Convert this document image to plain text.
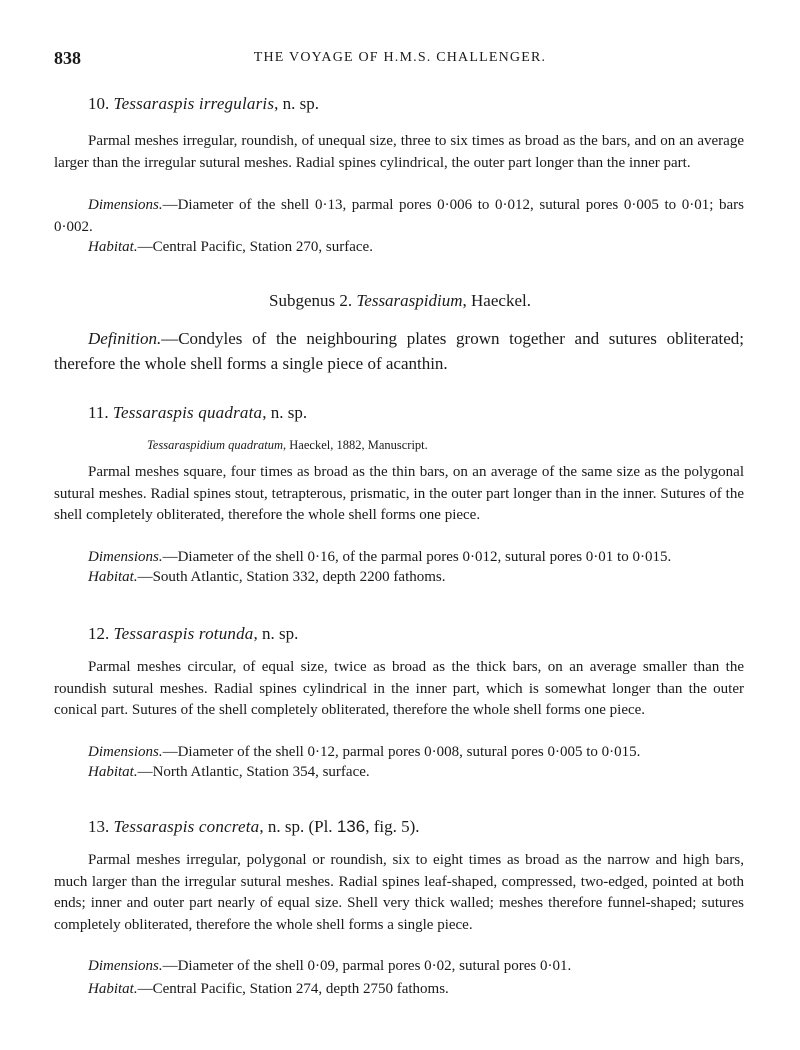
838	THE VOYAGE OF H.M.S. CHALLENGER.
10. Tessaraspis irregularis, n. sp.

Parmal meshes irregular, roundish, of unequal size, three to six times as broad as the bars, and on an average larger than the irregular sutural meshes. Radial spines cylindrical, the outer part longer than the inner part.

Dimensions.—Diameter of the shell 0·13, parmal pores 0·006 to 0·012, sutural pores 0·005 to 0·01; bars 0·002.

Habitat.—Central Pacific, Station 270, surface.
Subgenus 2. Tessaraspidium, Haeckel.

Definition.—Condyles of the neighbouring plates grown together and sutures obliterated; therefore the whole shell forms a single piece of acanthin.

11. Tessaraspis quadrata, n. sp.
Tessaraspidium quadratum, Haeckel, 1882, Manuscript.

Parmal meshes square, four times as broad as the thin bars, on an average of the same size as the polygonal sutural meshes. Radial spines stout, tetrapterous, prismatic, in the outer part longer than in the inner. Sutures of the shell completely obliterated, therefore the whole shell forms one piece.

Dimensions.—Diameter of the shell 0·16, of the parmal pores 0·012, sutural pores 0·01 to 0·015.

Habitat.—South Atlantic, Station 332, depth 2200 fathoms.
12. Tessaraspis rotunda, n. sp.

Parmal meshes circular, of equal size, twice as broad as the thick bars, on an average smaller than the roundish sutural meshes. Radial spines cylindrical in the inner part, which is somewhat longer than the outer conical part. Sutures of the shell completely obliterated, therefore the whole shell forms one piece.

Dimensions.—Diameter of the shell 0·12, parmal pores 0·008, sutural pores 0·005 to 0·015.

Habitat.—North Atlantic, Station 354, surface.
13. Tessaraspis concreta, n. sp. (Pl. 136, fig. 5).

Parmal meshes irregular, polygonal or roundish, six to eight times as broad as the narrow and high bars, much larger than the irregular sutural meshes. Radial spines leaf-shaped, compressed, two-edged, pointed at both ends; inner and outer part nearly of equal size. Shell very thick walled; meshes therefore funnel-shaped; sutures completely obliterated, therefore the whole shell forms a single piece.

Dimensions.—Diameter of the shell 0·09, parmal pores 0·02, sutural pores 0·01.

Habitat.—Central Pacific, Station 274, depth 2750 fathoms.
